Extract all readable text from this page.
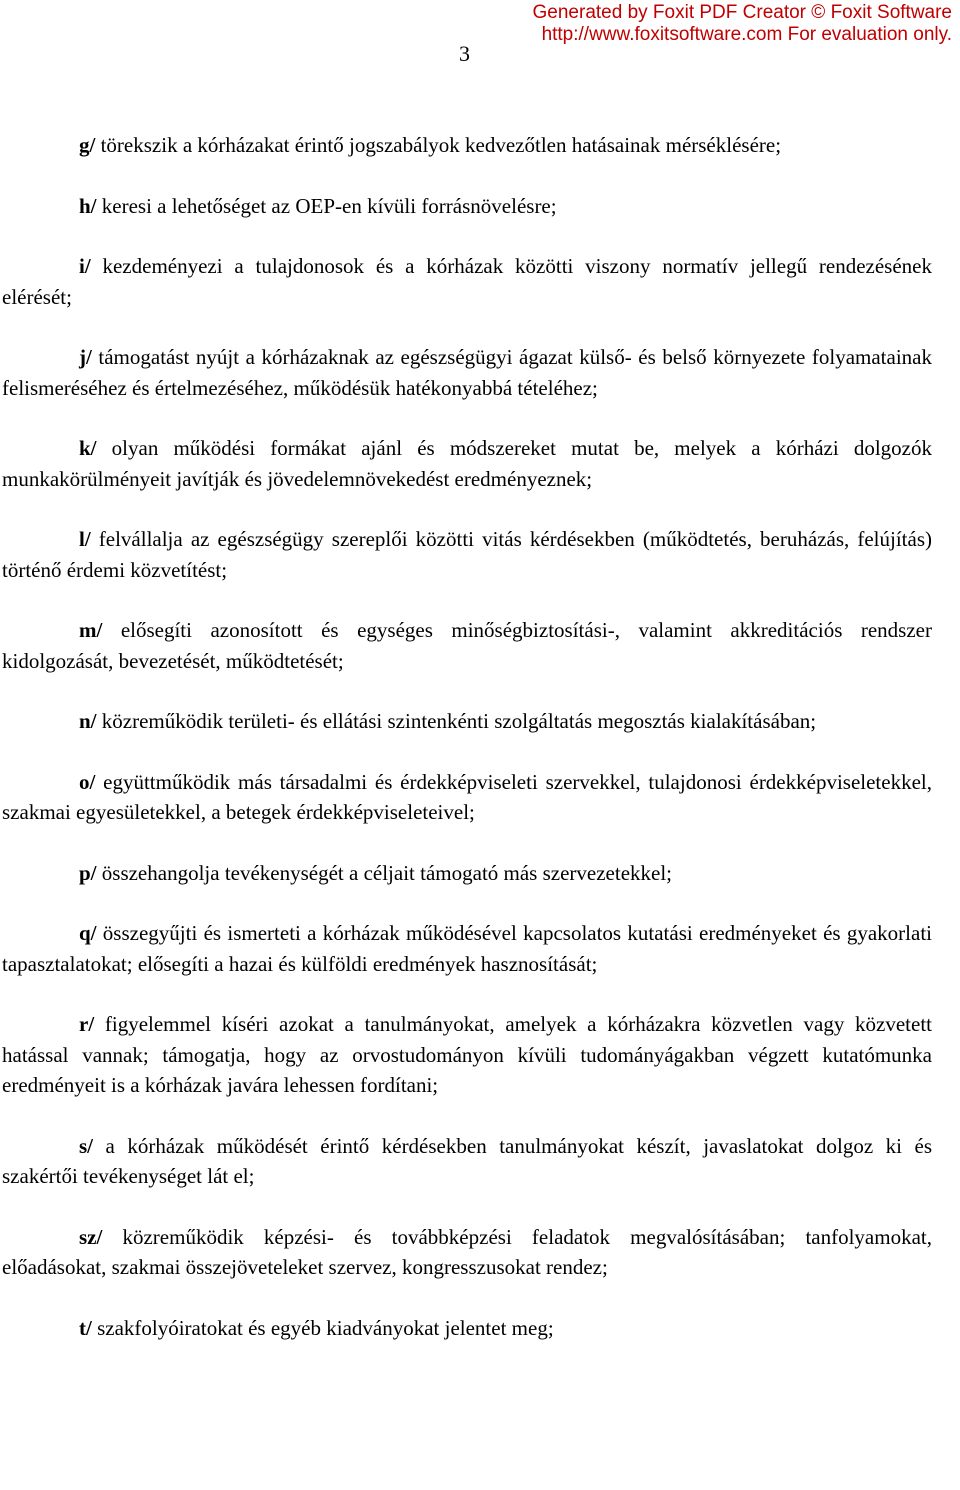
Generated by Foxit PDF Creator © Foxit Software
http://www.foxitsoftware.com For evaluation only.
3

g/ törekszik a kórházakat érintő jogszabályok kedvezőtlen hatásainak mérséklésére;

h/ keresi a lehetőséget az OEP-en kívüli forrásnövelésre;

i/ kezdeményezi a tulajdonosok és a kórházak közötti viszony normatív jellegű rendezésének elérését;

j/ támogatást nyújt a kórházaknak az egészségügyi ágazat külső- és belső környezete folyamatainak felismeréséhez és értelmezéséhez, működésük hatékonyabbá tételéhez;

k/ olyan működési formákat ajánl és módszereket mutat be, melyek a kórházi dolgozók munkakörülményeit javítják és jövedelemnövekedést eredményeznek;

l/ felvállalja az egészségügy szereplői közötti vitás kérdésekben (működtetés, beruházás, felújítás) történő érdemi közvetítést;

m/ elősegíti azonosított és egységes minőségbiztosítási-, valamint akkreditációs rendszer kidolgozását, bevezetését, működtetését;

n/ közreműködik területi- és ellátási szintenkénti szolgáltatás megosztás kialakításában;

o/ együttműködik más társadalmi és érdekképviseleti szervekkel, tulajdonosi érdekképviseletekkel, szakmai egyesületekkel, a betegek érdekképviseleteivel;

p/ összehangolja tevékenységét a céljait támogató más szervezetekkel;

q/ összegyűjti és ismerteti a kórházak működésével kapcsolatos kutatási eredményeket és gyakorlati tapasztalatokat; elősegíti a hazai és külföldi eredmények hasznosítását;

r/ figyelemmel kíséri azokat a tanulmányokat, amelyek a kórházakra közvetlen vagy közvetett hatással vannak; támogatja, hogy az orvostudományon kívüli tudományágakban végzett kutatómunka eredményeit is a kórházak javára lehessen fordítani;

s/ a kórházak működését érintő kérdésekben tanulmányokat készít, javaslatokat dolgoz ki és szakértői tevékenységet lát el;

sz/ közreműködik képzési- és továbbképzési feladatok megvalósításában; tanfolyamokat, előadásokat, szakmai összejöveteleket szervez, kongresszusokat rendez;

t/ szakfolyóiratokat és egyéb kiadványokat jelentet meg;
